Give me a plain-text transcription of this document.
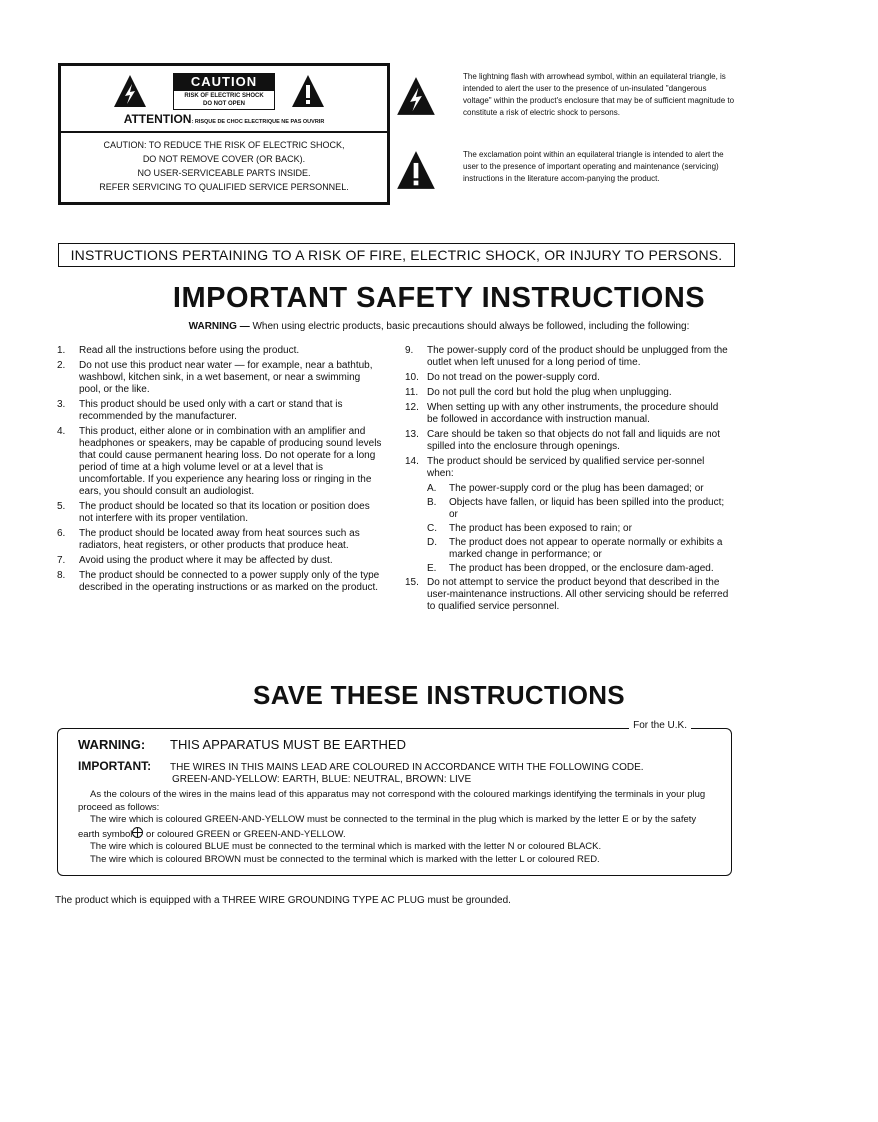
CAUTION
RISK OF ELECTRIC SHOCK
DO NOT OPEN
ATTENTION: RISQUE DE CHOC ELECTRIQUE NE PAS OUVRIR
CAUTION: TO REDUCE THE RISK OF ELECTRIC SHOCK,
DO NOT REMOVE COVER (OR BACK).
NO USER-SERVICEABLE PARTS INSIDE.
REFER SERVICING TO QUALIFIED SERVICE PERSONNEL.
The lightning flash with arrowhead symbol, within an equilateral triangle, is intended to alert the user to the presence of un-insulated "dangerous voltage" within the product's enclosure that may be of sufficient magnitude to constitute a risk of electric shock to persons.
The exclamation point within an equilateral triangle is intended to alert the user to the presence of important operating and maintenance (servicing) instructions in the literature accom-panying the product.
INSTRUCTIONS PERTAINING TO A RISK OF FIRE, ELECTRIC SHOCK, OR INJURY TO PERSONS.
IMPORTANT SAFETY INSTRUCTIONS
WARNING — When using electric products, basic precautions should always be followed, including the following:
1.	Read all the instructions before using the product.
2.	Do not use this product near water — for example, near a bathtub, washbowl, kitchen sink, in a wet basement, or near a swimming pool, or the like.
3.	This product should be used only with a cart or stand that is recommended by the manufacturer.
4.	This product, either alone or in combination with an amplifier and headphones or speakers, may be capable of producing sound levels that could cause permanent hearing loss. Do not operate for a long period of time at a high volume level or at a level that is uncomfortable. If you experience any hearing loss or ringing in the ears, you should consult an audiologist.
5.	The product should be located so that its location or position does not interfere with its proper ventilation.
6.	The product should be located away from heat sources such as radiators, heat registers, or other products that produce heat.
7.	Avoid using the product where it may be affected by dust.
8.	The product should be connected to a power supply only of the type described in the operating instructions or as marked on the product.
9.	The power-supply cord of the product should be unplugged from the outlet when left unused for a long period of time.
10. Do not tread on the power-supply cord.
11. Do not pull the cord but hold the plug when unplugging.
12. When setting up with any other instruments, the procedure should be followed in accordance with instruction manual.
13. Care should be taken so that objects do not fall and liquids are not spilled into the enclosure through openings.
14. The product should be serviced by qualified service per-sonnel when:
A.	The power-supply cord or the plug has been damaged; or
B.	Objects have fallen, or liquid has been spilled into the product; or
C.	The product has been exposed to rain; or
D.	The product does not appear to operate normally or exhibits a marked change in performance; or
E.	The product has been dropped, or the enclosure dam-aged.
15. Do not attempt to service the product beyond that described in the user-maintenance instructions. All other servicing should be referred to qualified service personnel.
SAVE THESE INSTRUCTIONS
For the U.K.
WARNING: THIS APPARATUS MUST BE EARTHED
IMPORTANT: THE WIRES IN THIS MAINS LEAD ARE COLOURED IN ACCORDANCE WITH THE FOLLOWING CODE.
GREEN-AND-YELLOW: EARTH, BLUE: NEUTRAL, BROWN: LIVE
As the colours of the wires in the mains lead of this apparatus may not correspond with the coloured markings identifying the terminals in your plug proceed as follows:
The wire which is coloured GREEN-AND-YELLOW must be connected to the terminal in the plug which is marked by the letter E or by the safety earth symbol or coloured GREEN or GREEN-AND-YELLOW.
The wire which is coloured BLUE must be connected to the terminal which is marked with the letter N or coloured BLACK.
The wire which is coloured BROWN must be connected to the terminal which is marked with the letter L or coloured RED.
The product which is equipped with a THREE WIRE GROUNDING TYPE AC PLUG must be grounded.
